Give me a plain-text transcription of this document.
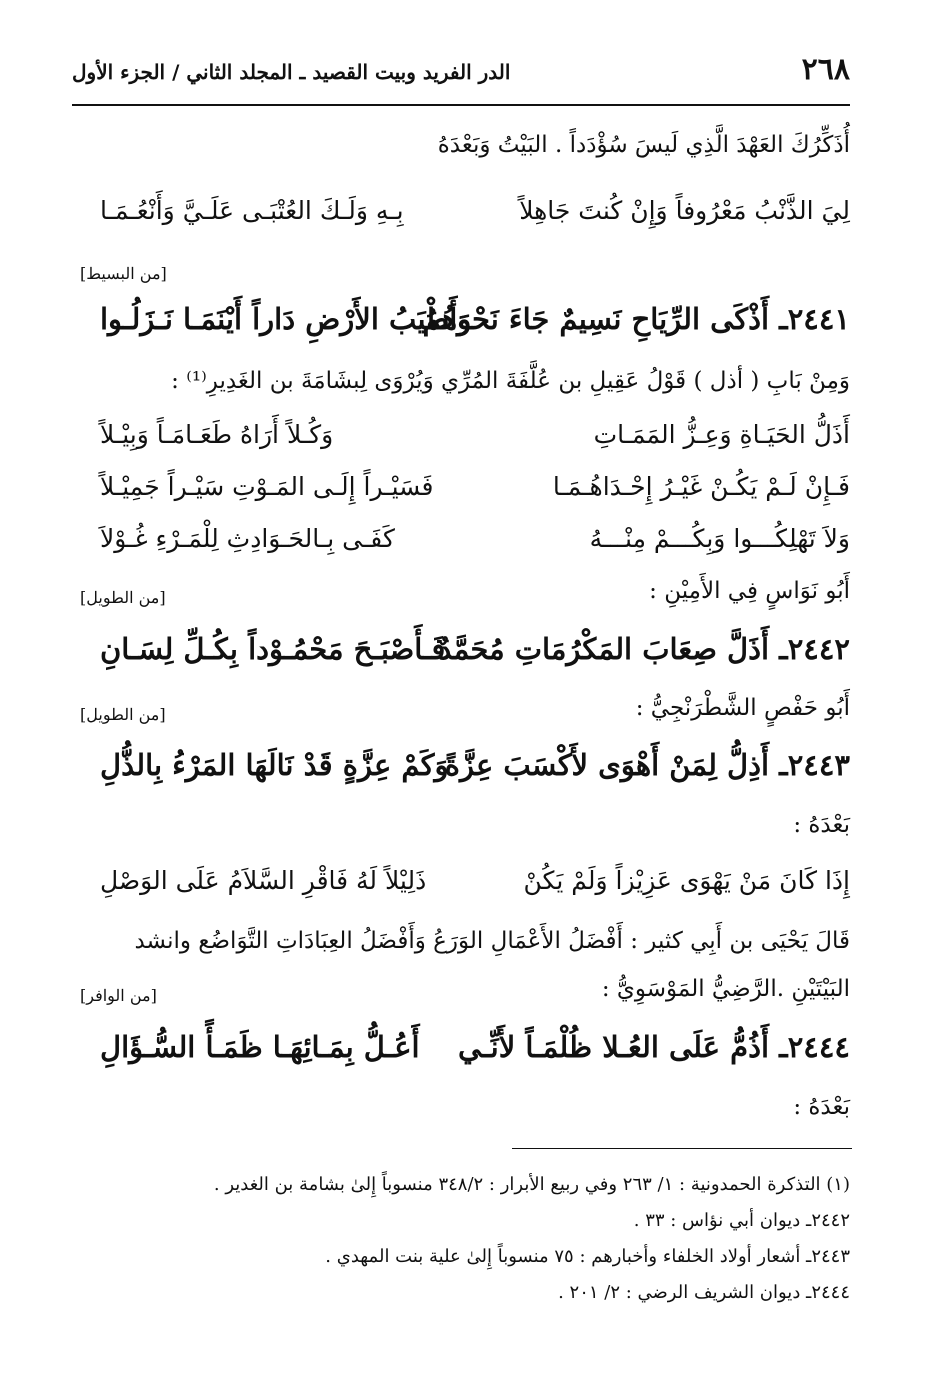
٢٦٨
الدر الفريد وبيت القصيد ـ المجلد الثاني / الجزء الأول
أُذَكِّرُكَ العَهْدَ الَّذِي لَيسَ سُؤْدَداً . البَيْتُ وَبَعْدَهُ
لِيَ الذَّنْبُ مَعْرُوفاً وَإِنْ كُنتَ جَاهِلاً
بِـهِ وَلَـكَ العُتْبَـى عَلَـيَّ وَأَنْعُـمَـا
[من البسيط]
٢٤٤١ـ أَذْكَى الرِّيَاحِ نَسِيمٌ جَاءَ نَحْوَهُمُ
وَأَطْيَبُ الأَرْضِ دَاراً أَيْنَمَـا نَـزَلُـوا
وَمِنْ بَابِ ( أذل ) قَوْلُ عَقِيلِ بن عُلَّفَةَ المُرِّي وَيُرْوَى لِبشَامَةَ بن الغَدِيرِ⁽¹⁾ :
أَذَلُّ الحَيَـاةِ وَعِـزُّ المَمَـاتِ
وَكُـلاً أَرَاهُ طَعَـامَـاً وَبِيْـلاً
فَـإِنْ لَـمْ يَكُـنْ غَيْـرُ إِحْـدَاهُـمَـا
فَسَيْـراً إِلَـى المَـوْتِ سَيْـراً جَمِيْـلاً
وَلاَ تَهْلِكُـــوا وَبِكُـــمْ مِنْـــهُ
كَفَـى بِـالحَـوَادِثِ لِلْمَـرْءِ غُـوْلاَ
أَبُو نَوَاسٍ فِي الأَمِيْنِ :
[من الطويل]
٢٤٤٢ـ أَذَلَّ صِعَابَ المَكْرُمَاتِ مُحَمَّدٌ
فَـأَصْبَـحَ مَحْمُـوْداً بِكُـلِّ لِسَـانِ
أَبُو حَفْصٍ الشَّطْرَنْجِيُّ :
[من الطويل]
٢٤٤٣ـ أَذِلُّ لِمَنْ أَهْوَى لأَكْسَبَ عِزَّةً
وَكَمْ عِزَّةٍ قَدْ نَالَهَا المَرْءُ بِالذُّلِ
بَعْدَهُ :
إِذَا كَانَ مَنْ يَهْوَى عَزِيْزاً وَلَمْ يَكُنْ
ذَلِيْلاً لَهُ فَاقْرِ السَّلاَمُ عَلَى الوَصْلِ
قَالَ يَحْيَى بن أَبِي كثير : أَفْضَلُ الأَعْمَالِ الوَرَعُ وَأَفْضَلُ العِبَادَاتِ التَّوَاضُع وانشد
البَيْتَيْنِ .الرَّضِيُّ المَوْسَوِيُّ :
[من الوافر]
٢٤٤٤ـ أَذُمُّ عَلَى العُـلا ظُلْمَـاً لأَنِّـي
أَعُـلُّ بِمَـائِهَـا ظَمَـأً السُّـؤَالِ
بَعْدَهُ :
(١) التذكرة الحمدونية : ١/ ٢٦٣ وفي ربيع الأبرار : ٣٤٨/٢ منسوباً إِلىٰ بشامة بن الغدير .
٢٤٤٢ـ ديوان أبي نؤاس : ٣٣ .
٢٤٤٣ـ أشعار أولاد الخلفاء وأخبارهم : ٧٥ منسوباً إِلىٰ علية بنت المهدي .
٢٤٤٤ـ ديوان الشريف الرضي : ٢/ ٢٠١ .
